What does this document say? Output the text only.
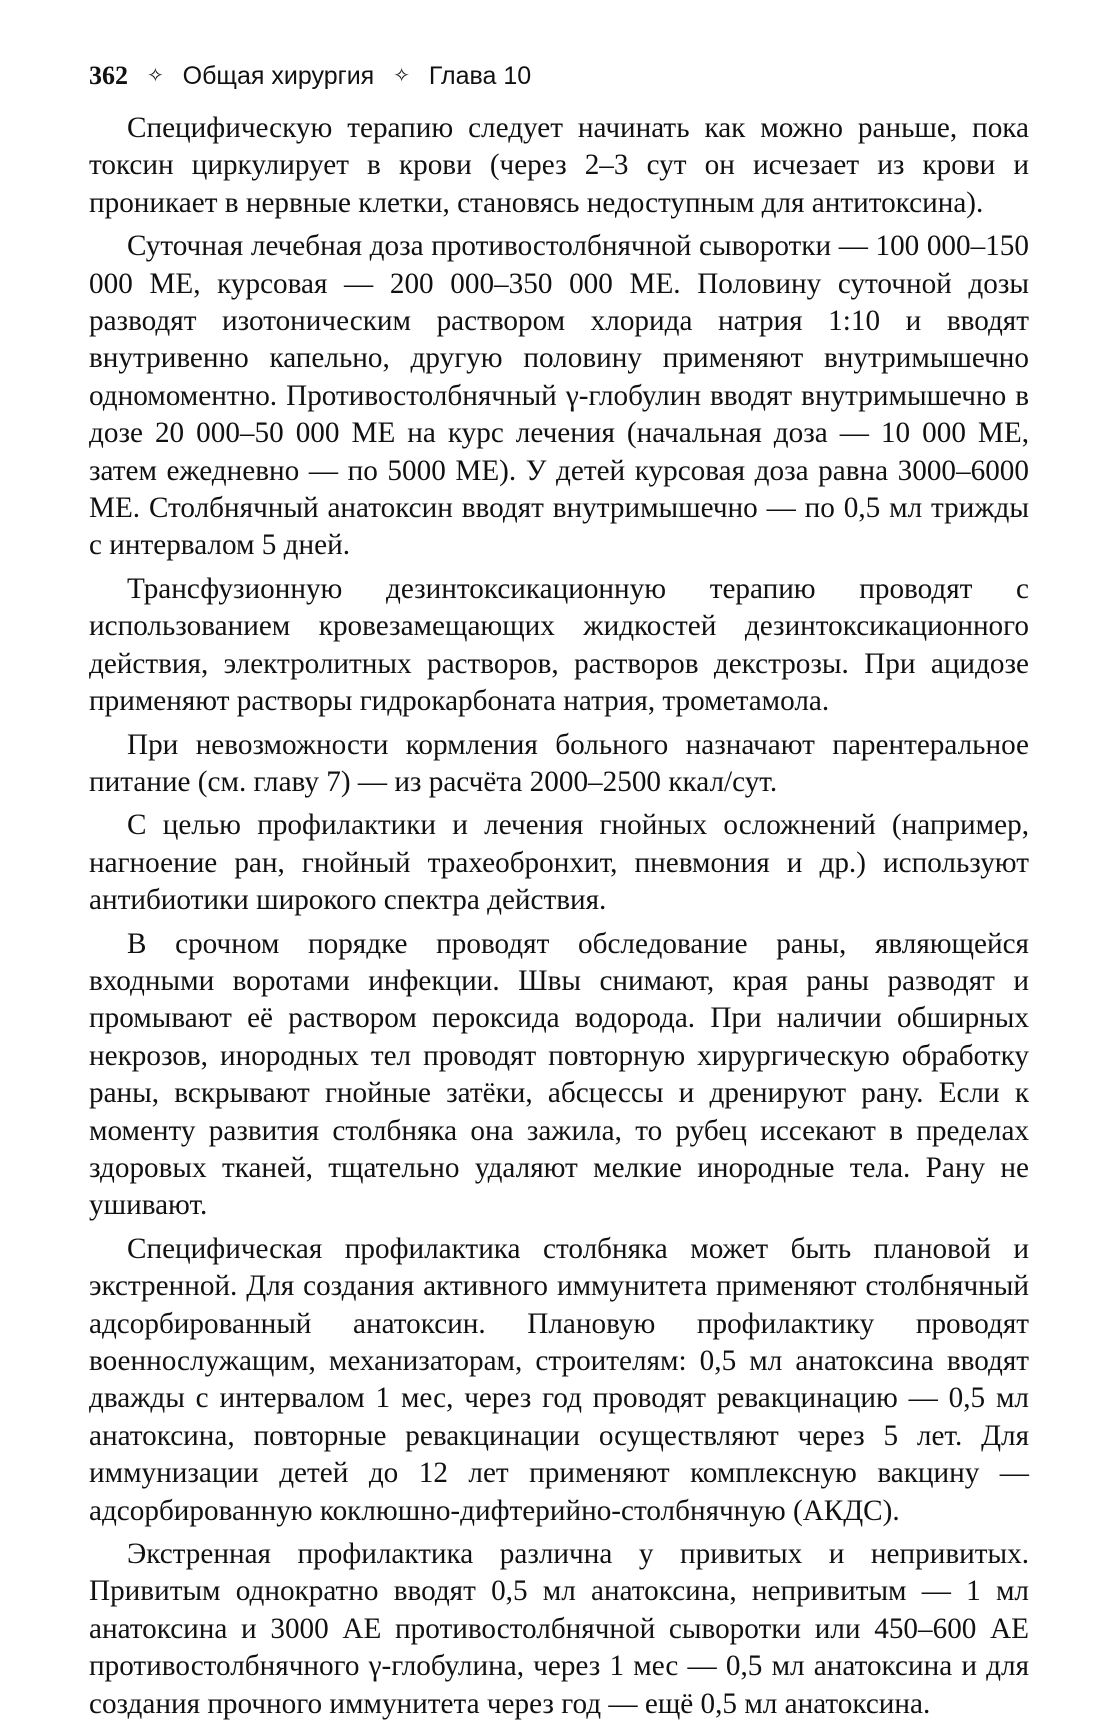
362 ✧ Общая хирургия ✧ Глава 10

Специфическую терапию следует начинать как можно раньше, пока токсин циркулирует в крови (через 2–3 сут он исчезает из крови и проникает в нервные клетки, становясь недоступным для антитоксина).

Суточная лечебная доза противостолбнячной сыворотки — 100 000–150 000 МЕ, курсовая — 200 000–350 000 МЕ. Половину суточной дозы разводят изотоническим раствором хлорида натрия 1:10 и вводят внутривенно капельно, другую половину применяют внутримышечно одномоментно. Противостолбнячный γ-глобулин вводят внутримышечно в дозе 20 000–50 000 МЕ на курс лечения (начальная доза — 10 000 МЕ, затем ежедневно — по 5000 МЕ). У детей курсовая доза равна 3000–6000 МЕ. Столбнячный анатоксин вводят внутримышечно — по 0,5 мл трижды с интервалом 5 дней.

Трансфузионную дезинтоксикационную терапию проводят с использованием кровезамещающих жидкостей дезинтоксикационного действия, электролитных растворов, растворов декстрозы. При ацидозе применяют растворы гидрокарбоната натрия, трометамола.

При невозможности кормления больного назначают парентеральное питание (см. главу 7) — из расчёта 2000–2500 ккал/сут.

С целью профилактики и лечения гнойных осложнений (например, нагноение ран, гнойный трахеобронхит, пневмония и др.) используют антибиотики широкого спектра действия.

В срочном порядке проводят обследование раны, являющейся входными воротами инфекции. Швы снимают, края раны разводят и промывают её раствором пероксида водорода. При наличии обширных некрозов, инородных тел проводят повторную хирургическую обработку раны, вскрывают гнойные затёки, абсцессы и дренируют рану. Если к моменту развития столбняка она зажила, то рубец иссекают в пределах здоровых тканей, тщательно удаляют мелкие инородные тела. Рану не ушивают.

Специфическая профилактика столбняка может быть плановой и экстренной. Для создания активного иммунитета применяют столбнячный адсорбированный анатоксин. Плановую профилактику проводят военнослужащим, механизаторам, строителям: 0,5 мл анатоксина вводят дважды с интервалом 1 мес, через год проводят ревакцинацию — 0,5 мл анатоксина, повторные ревакцинации осуществляют через 5 лет. Для иммунизации детей до 12 лет применяют комплексную вакцину — адсорбированную коклюшно-дифтерийно-столбнячную (АКДС).

Экстренная профилактика различна у привитых и непривитых. Привитым однократно вводят 0,5 мл анатоксина, непривитым — 1 мл анатоксина и 3000 АЕ противостолбнячной сыворотки или 450–600 АЕ противостолбнячного γ-глобулина, через 1 мес — 0,5 мл анатоксина и для создания прочного иммунитета через год — ещё 0,5 мл анатоксина.
